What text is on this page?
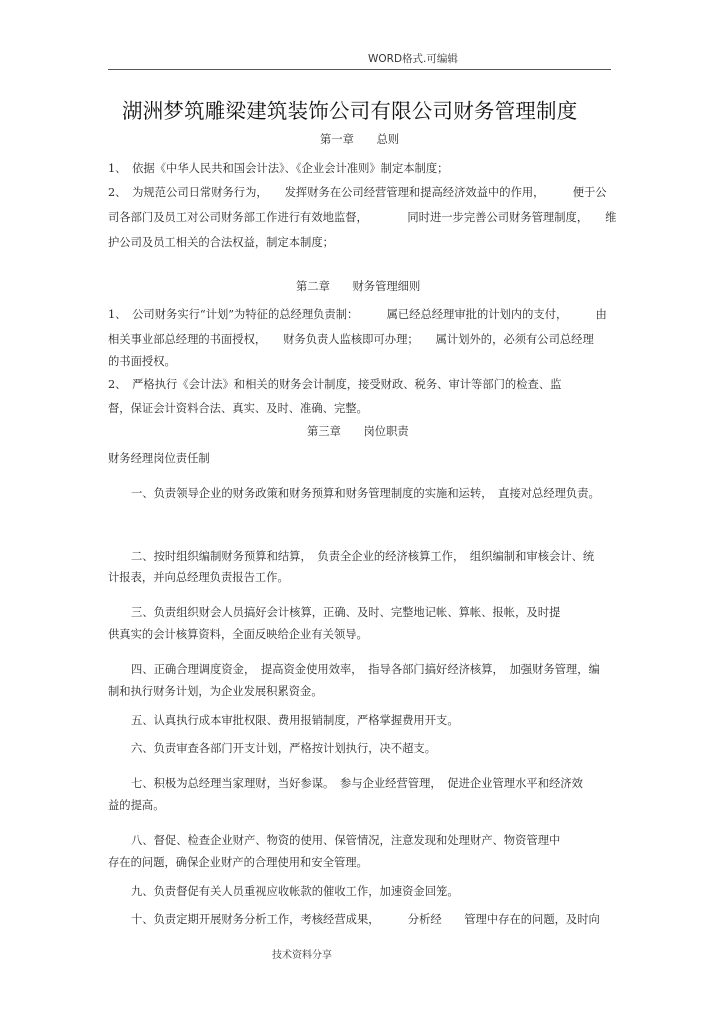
WORD格式.可编辑
湖洲梦筑雕梁建筑装饰公司有限公司财务管理制度
第一章　　总则
1、　依据《中华人民共和国会计法》、《企业会计准则》制定本制度；
2、　为规范公司日常财务行为，　　发挥财务在公司经营管理和提高经济效益中的作用，　　　便于公
司各部门及员工对公司财务部工作进行有效地监督，　　　　同时进一步完善公司财务管理制度，　　维
护公司及员工相关的合法权益，制定本制度；
第二章　　财务管理细则
1、　公司财务实行“计划”为特征的总经理负责制：　　　属已经总经理审批的计划内的支付，　　　由
相关事业部总经理的书面授权，　　财务负责人监核即可办理；　　属计划外的，必须有公司总经理
的书面授权。
2、　严格执行《会计法》和相关的财务会计制度，接受财政、税务、审计等部门的检查、监
督，保证会计资料合法、真实、及时、准确、完整。
第三章　　岗位职责
财务经理岗位责任制
一、负责领导企业的财务政策和财务预算和财务管理制度的实施和运转，　直接对总经理负责。
二、按时组织编制财务预算和结算，　负责全企业的经济核算工作，　组织编制和审核会计、统
计报表，并向总经理负责报告工作。
三、负责组织财会人员搞好会计核算，正确、及时、完整地记帐、算帐、报帐，及时提
供真实的会计核算资料，全面反映给企业有关领导。
四、正确合理调度资金，　提高资金使用效率，　指导各部门搞好经济核算，　加强财务管理，编
制和执行财务计划，为企业发展积累资金。
五、认真执行成本审批权限、费用报销制度，严格掌握费用开支。
六、负责审查各部门开支计划，严格按计划执行，决不超支。
七、积极为总经理当家理财，当好参谋。　参与企业经营管理，　促进企业管理水平和经济效
益的提高。
八、督促、检查企业财产、物资的使用、保管情况，注意发现和处理财产、物资管理中
存在的问题，确保企业财产的合理使用和安全管理。
九、负责督促有关人员重视应收帐款的催收工作，加速资金回笼。
十、负责定期开展财务分析工作，考核经营成果，　　　分析经　　管理中存在的问题，及时向
技术资料分享
